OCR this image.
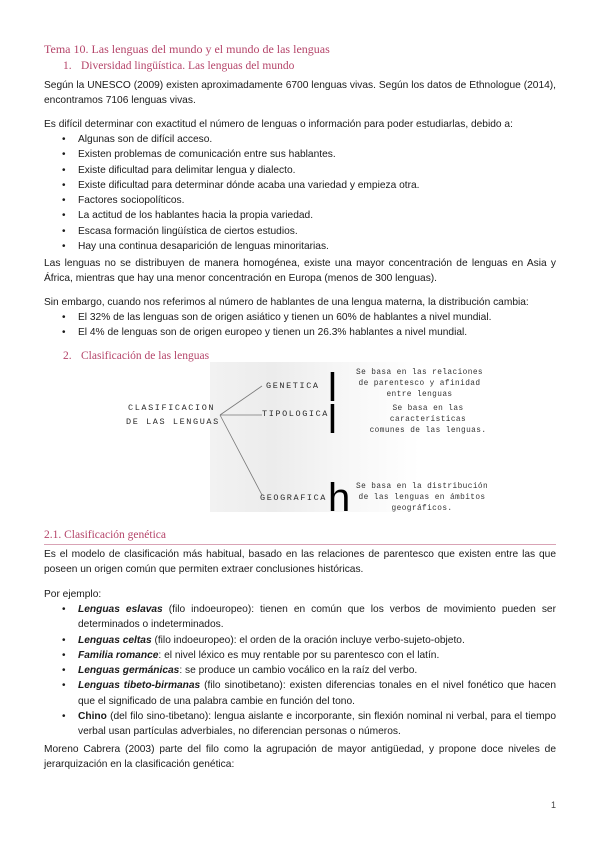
Tema 10. Las lenguas del mundo y el mundo de las lenguas
1. Diversidad lingüística. Las lenguas del mundo

Según la UNESCO (2009) existen aproximadamente 6700 lenguas vivas. Según los datos de Ethnologue (2014), encontramos 7106 lenguas vivas.

Es difícil determinar con exactitud el número de lenguas o información para poder estudiarlas, debido a:

• Algunas son de difícil acceso.
• Existen problemas de comunicación entre sus hablantes.
• Existe dificultad para delimitar lengua y dialecto.
• Existe dificultad para determinar dónde acaba una variedad y empieza otra.
• Factores sociopolíticos.
• La actitud de los hablantes hacia la propia variedad.
• Escasa formación lingüística de ciertos estudios.
• Hay una continua desaparición de lenguas minoritarias.

Las lenguas no se distribuyen de manera homogénea, existe una mayor concentración de lenguas en Asia y África, mientras que hay una menor concentración en Europa (menos de 300 lenguas).

Sin embargo, cuando nos referimos al número de hablantes de una lengua materna, la distribución cambia:

• El 32% de las lenguas son de origen asiático y tienen un 60% de hablantes a nivel mundial.
• El 4% de lenguas son de origen europeo y tienen un 26.3% hablantes a nivel mundial.
2. Clasificación de las lenguas
CLASIFICACION
DE LAS LENGUAS
GENETICA l Se basa en las relaciones
de parentesco y afinidad
entre lenguas
TIPOLOGICA
l	Se basa en las características
comunes de las lenguas.
GEOGRAFICA h Se basa en la distribución
de las lenguas en ámbitos
geográficos.
2.1. Clasificación genética

Es el modelo de clasificación más habitual, basado en las relaciones de parentesco que existen entre las que poseen un origen común que permiten extraer conclusiones históricas.

Por ejemplo:

• Lenguas eslavas (filo indoeuropeo): tienen en común que los verbos de movimiento pueden ser determinados o indeterminados.
• Lenguas celtas (filo indoeuropeo): el orden de la oración incluye verbo-sujeto-objeto.
• Familia romance: el nivel léxico es muy rentable por su parentesco con el latín.
• Lenguas germánicas: se produce un cambio vocálico en la raíz del verbo.
• Lenguas tibeto-birmanas (filo sinotibetano): existen diferencias tonales en el nivel fonético que hacen que el significado de una palabra cambie en función del tono.
• Chino (del filo sino-tibetano): lengua aislante e incorporante, sin flexión nominal ni verbal, para el tiempo verbal usan partículas adverbiales, no diferencian personas o números.

Moreno Cabrera (2003) parte del filo como la agrupación de mayor antigüedad, y propone doce niveles de jerarquización en la clasificación genética:

1
